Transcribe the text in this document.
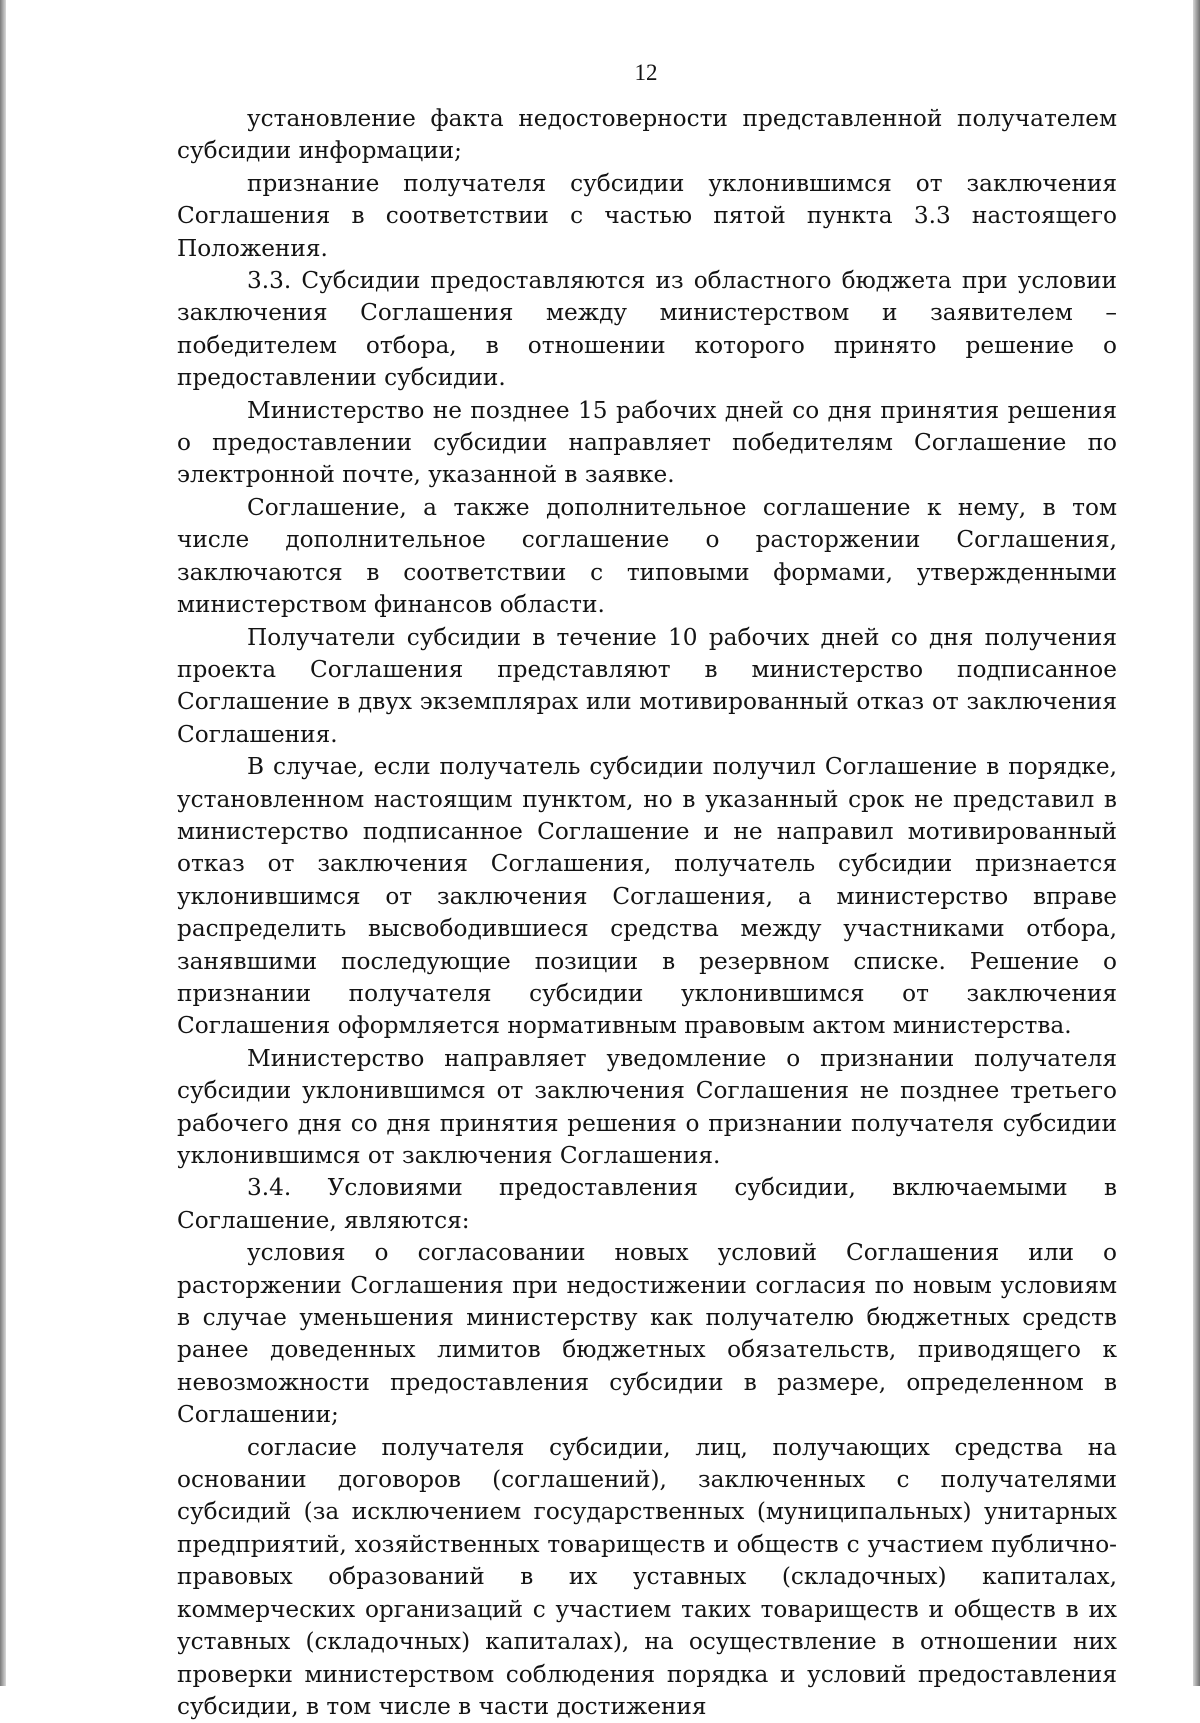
12

установление факта недостоверности представленной получателем субсидии информации;

признание получателя субсидии уклонившимся от заключения Соглашения в соответствии с частью пятой пункта 3.3 настоящего Положения.

3.3. Субсидии предоставляются из областного бюджета при условии заключения Соглашения между министерством и заявителем – победителем отбора, в отношении которого принято решение о предоставлении субсидии.

Министерство не позднее 15 рабочих дней со дня принятия решения о предоставлении субсидии направляет победителям Соглашение по электронной почте, указанной в заявке.

Соглашение, а также дополнительное соглашение к нему, в том числе дополнительное соглашение о расторжении Соглашения, заключаются в соответствии с типовыми формами, утвержденными министерством финансов области.

Получатели субсидии в течение 10 рабочих дней со дня получения проекта Соглашения представляют в министерство подписанное Соглашение в двух экземплярах или мотивированный отказ от заключения Соглашения.

В случае, если получатель субсидии получил Соглашение в порядке, установленном настоящим пунктом, но в указанный срок не представил в министерство подписанное Соглашение и не направил мотивированный отказ от заключения Соглашения, получатель субсидии признается уклонившимся от заключения Соглашения, а министерство вправе распределить высвободившиеся средства между участниками отбора, занявшими последующие позиции в резервном списке. Решение о признании получателя субсидии уклонившимся от заключения Соглашения оформляется нормативным правовым актом министерства.

Министерство направляет уведомление о признании получателя субсидии уклонившимся от заключения Соглашения не позднее третьего рабочего дня со дня принятия решения о признании получателя субсидии уклонившимся от заключения Соглашения.

3.4. Условиями предоставления субсидии, включаемыми в Соглашение, являются:

условия о согласовании новых условий Соглашения или о расторжении Соглашения при недостижении согласия по новым условиям в случае уменьшения министерству как получателю бюджетных средств ранее доведенных лимитов бюджетных обязательств, приводящего к невозможности предоставления субсидии в размере, определенном в Соглашении;

согласие получателя субсидии, лиц, получающих средства на основании договоров (соглашений), заключенных с получателями субсидий (за исключением государственных (муниципальных) унитарных предприятий, хозяйственных товариществ и обществ с участием публично-правовых образований в их уставных (складочных) капиталах, коммерческих организаций с участием таких товариществ и обществ в их уставных (складочных) капиталах), на осуществление в отношении них проверки министерством соблюдения порядка и условий предоставления субсидии, в том числе в части достижения
